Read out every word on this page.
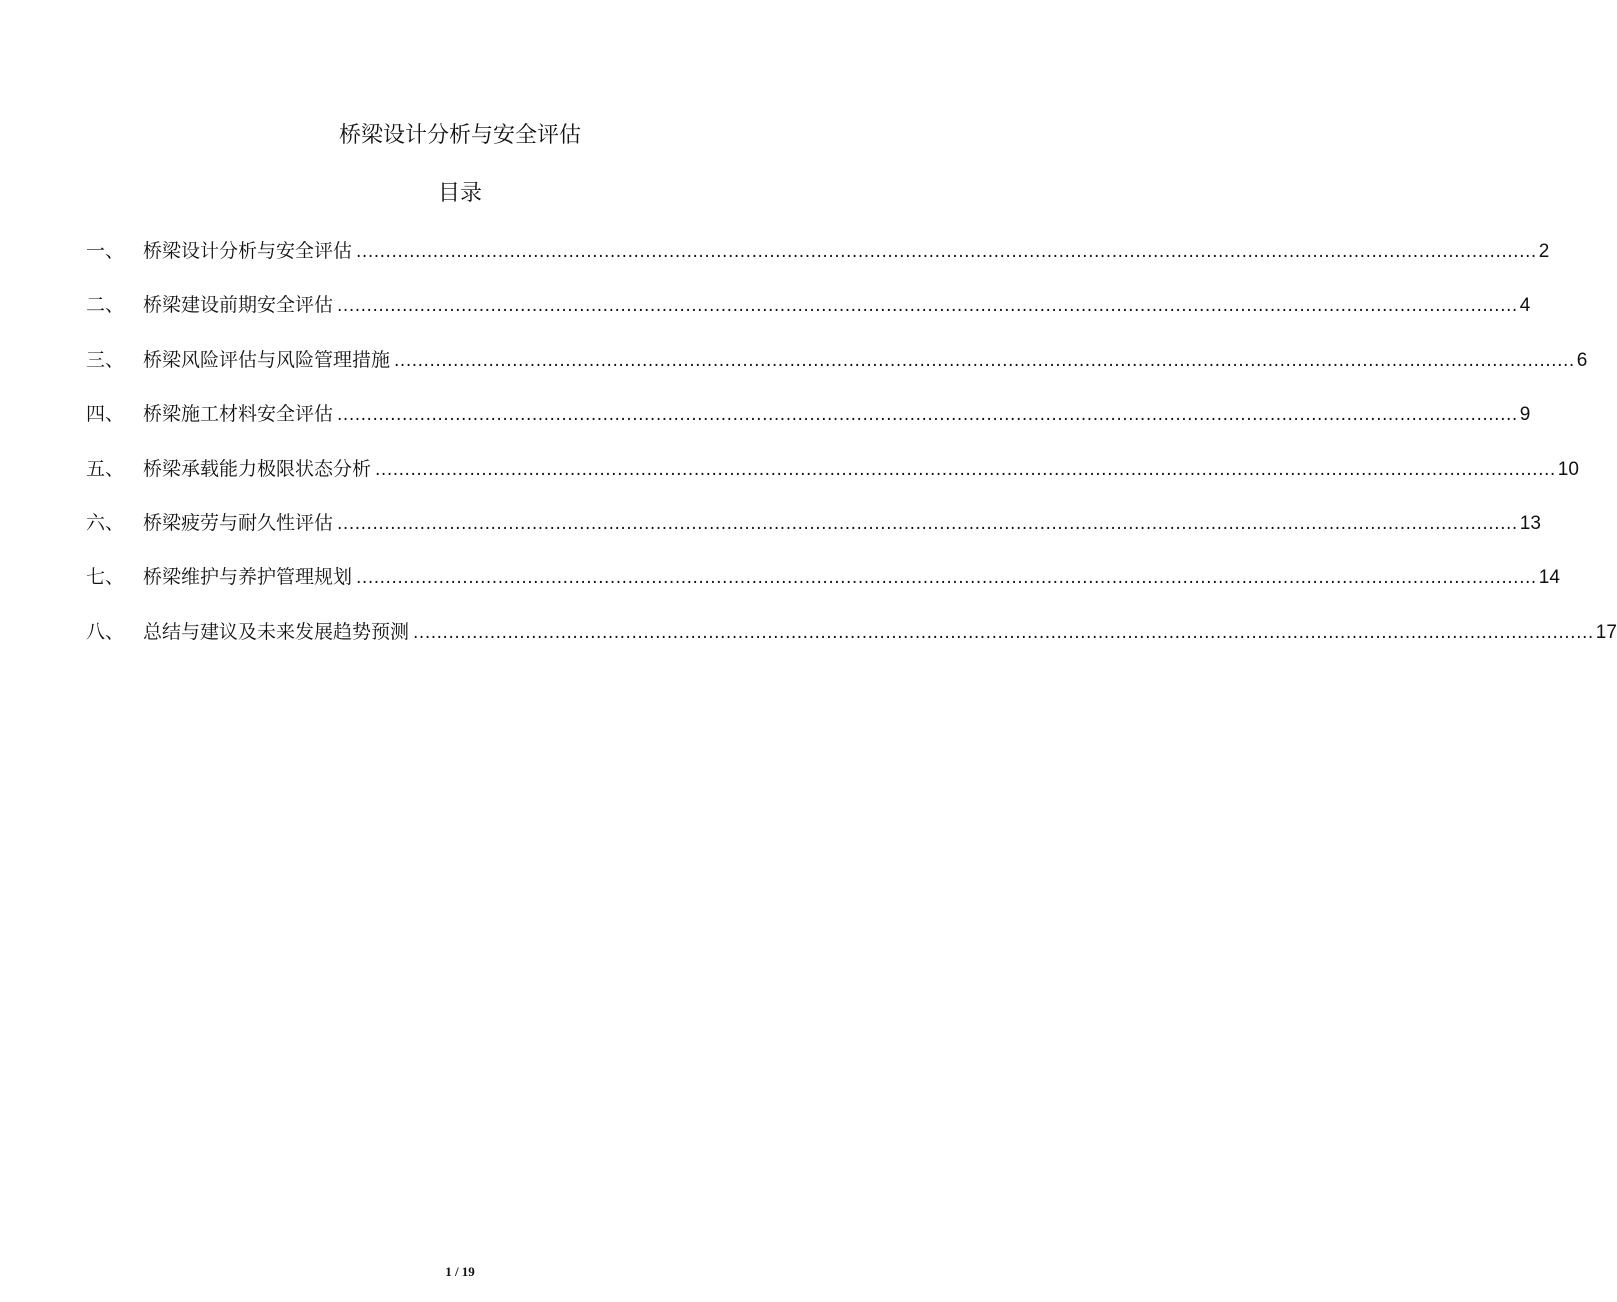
桥梁设计分析与安全评估
目录
一、 桥梁设计分析与安全评估 ........................................................................................................................................................................................................ 2
二、 桥梁建设前期安全评估 ........................................................................................................................................................................................................ 4
三、 桥梁风险评估与风险管理措施 ........................................................................................................................................................................................................ 6
四、 桥梁施工材料安全评估 ........................................................................................................................................................................................................ 9
五、 桥梁承载能力极限状态分析 ........................................................................................................................................................................................................ 10
六、 桥梁疲劳与耐久性评估 ........................................................................................................................................................................................................ 13
七、 桥梁维护与养护管理规划 ........................................................................................................................................................................................................ 14
八、 总结与建议及未来发展趋势预测 ........................................................................................................................................................................................................ 17
1 / 19
